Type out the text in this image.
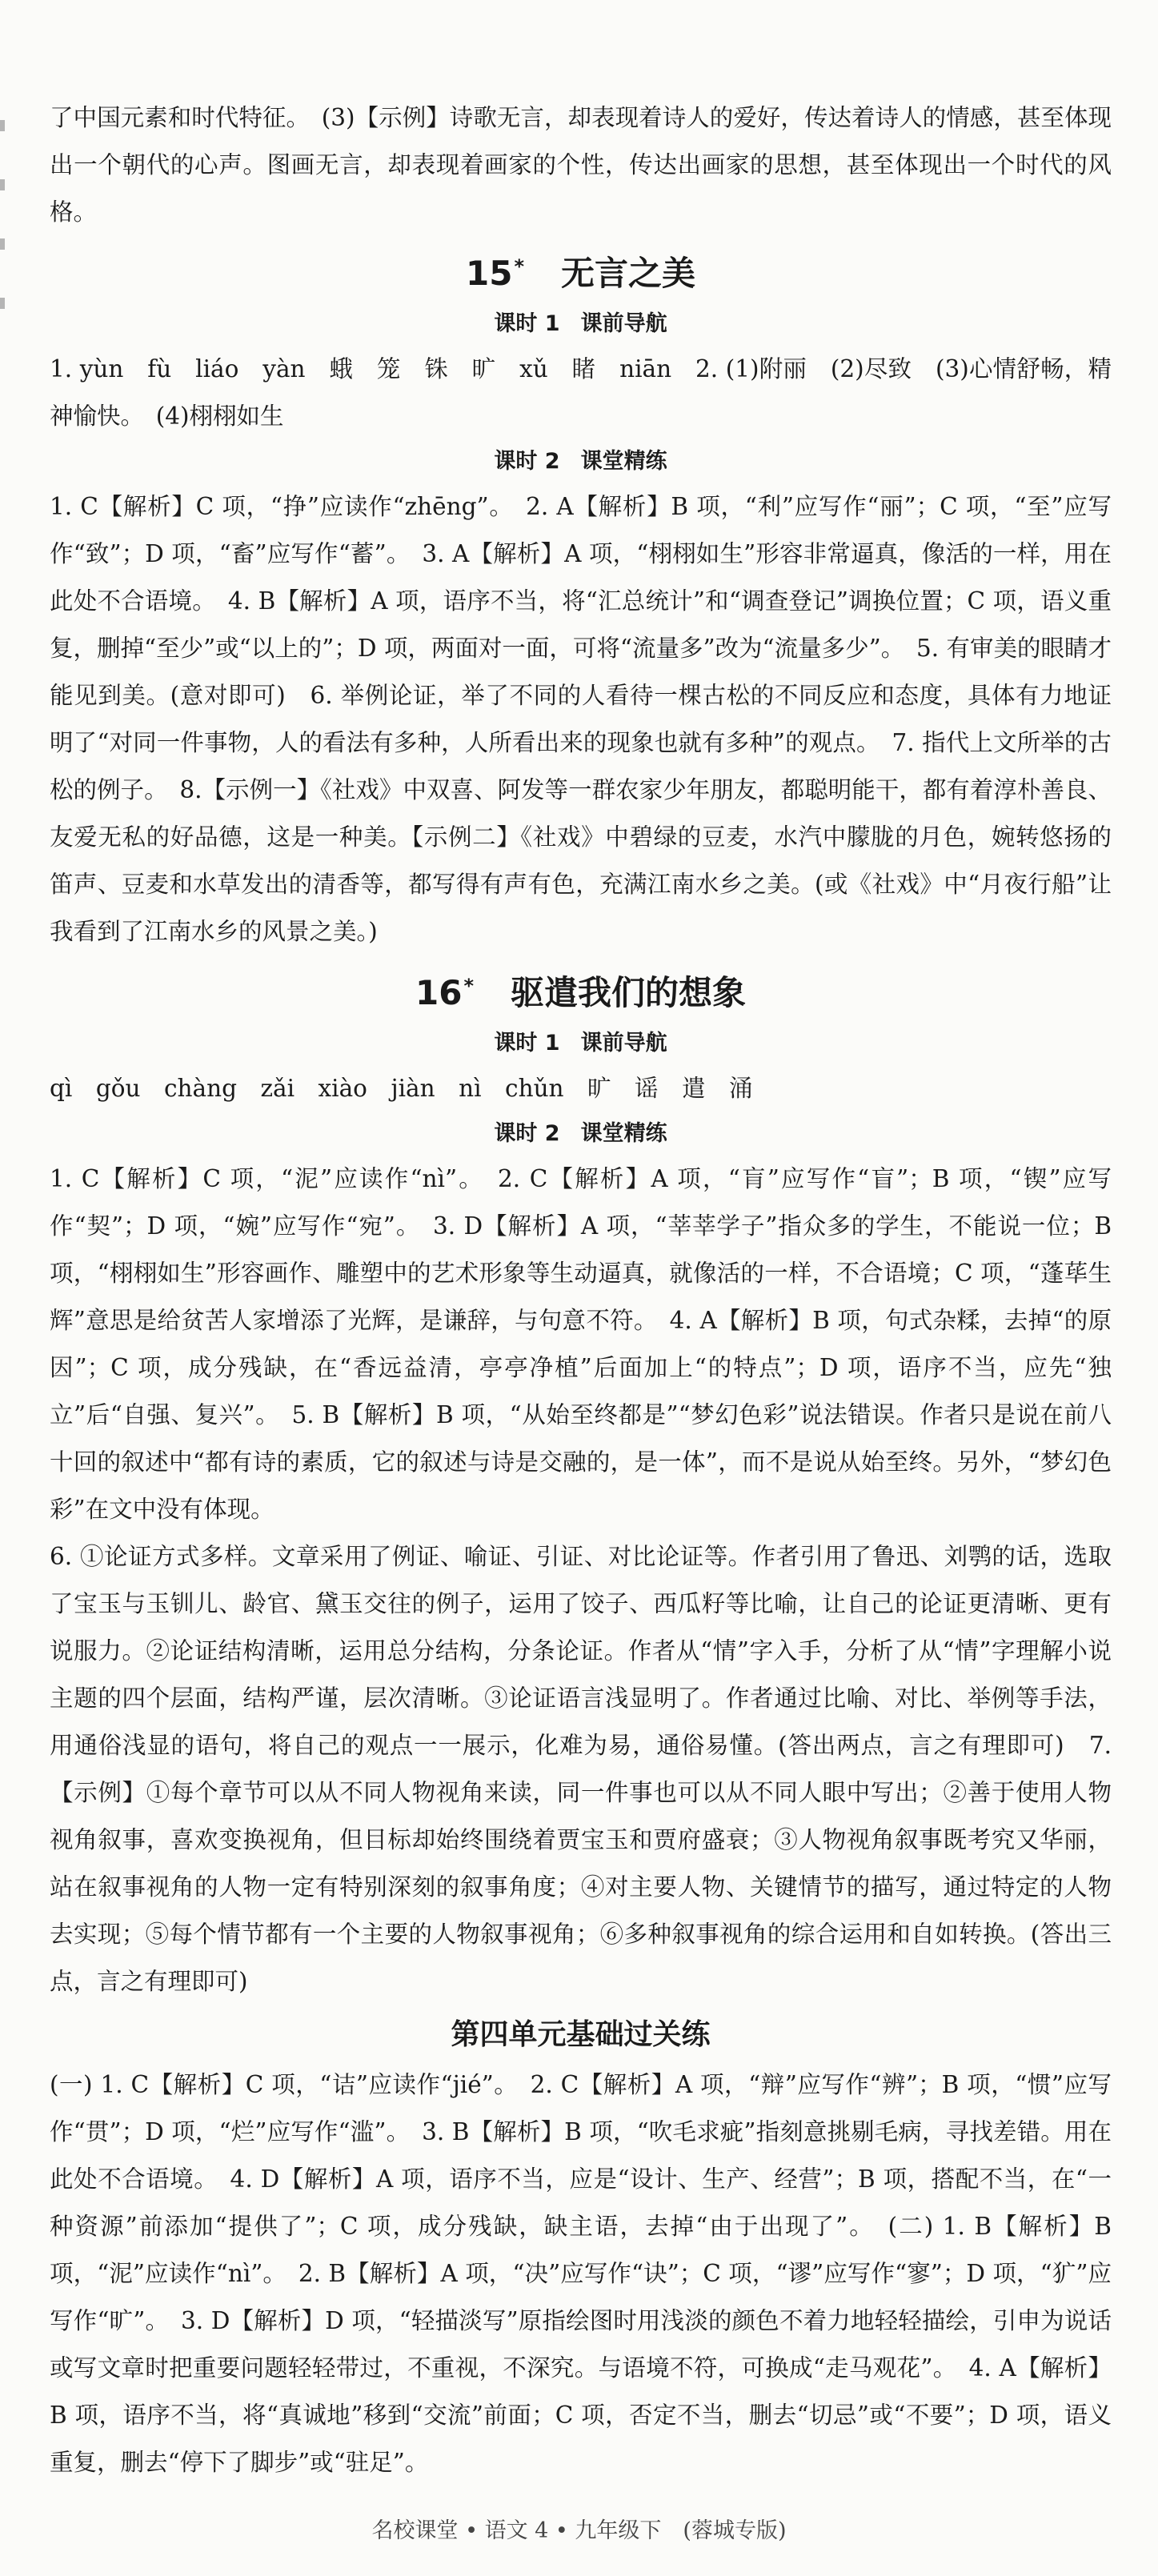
了中国元素和时代特征。　(3)【示例】诗歌无言，却表现着诗人的爱好，传达着诗人的情感，甚至体现出一个朝代的心声。图画无言，却表现着画家的个性，传达出画家的思想，甚至体现出一个时代的风格。

15* 无言之美
课时 1 课前导航

1. yùn　fù　liáo　yàn　蛾　笼　铢　旷　xǔ　睹　niān　2. (1)附丽　(2)尽致　(3)心情舒畅，精神愉快。　(4)栩栩如生

课时 2 课堂精练

1. C【解析】C 项，“挣”应读作“zhēng”。　2. A【解析】B 项，“利”应写作“丽”；C 项，“至”应写作“致”；D 项，“畜”应写作“蓄”。　3. A【解析】A 项，“栩栩如生”形容非常逼真，像活的一样，用在此处不合语境。　4. B【解析】A 项，语序不当，将“汇总统计”和“调查登记”调换位置；C 项，语义重复，删掉“至少”或“以上的”；D 项，两面对一面，可将“流量多”改为“流量多少”。　5. 有审美的眼睛才能见到美。(意对即可)　6. 举例论证，举了不同的人看待一棵古松的不同反应和态度，具体有力地证明了“对同一件事物，人的看法有多种，人所看出来的现象也就有多种”的观点。　7. 指代上文所举的古松的例子。　8.【示例一】《社戏》中双喜、阿发等一群农家少年朋友，都聪明能干，都有着淳朴善良、友爱无私的好品德，这是一种美。【示例二】《社戏》中碧绿的豆麦，水汽中朦胧的月色，婉转悠扬的笛声、豆麦和水草发出的清香等，都写得有声有色，充满江南水乡之美。(或《社戏》中“月夜行船”让我看到了江南水乡的风景之美。)

16* 驱遣我们的想象
课时 1 课前导航

qì　gǒu　chàng　zǎi　xiào　jiàn　nì　chǔn　旷　谣　遣　涌

课时 2 课堂精练

1. C【解析】C 项，“泥”应读作“nì”。　2. C【解析】A 项，“肓”应写作“盲”；B 项，“锲”应写作“契”；D 项，“婉”应写作“宛”。　3. D【解析】A 项，“莘莘学子”指众多的学生，不能说一位；B 项，“栩栩如生”形容画作、雕塑中的艺术形象等生动逼真，就像活的一样，不合语境；C 项，“蓬荜生辉”意思是给贫苦人家增添了光辉，是谦辞，与句意不符。　4. A【解析】B 项，句式杂糅，去掉“的原因”；C 项，成分残缺，在“香远益清，亭亭净植”后面加上“的特点”；D 项，语序不当，应先“独立”后“自强、复兴”。　5. B【解析】B 项，“从始至终都是”“梦幻色彩”说法错误。作者只是说在前八十回的叙述中“都有诗的素质，它的叙述与诗是交融的，是一体”，而不是说从始至终。另外，“梦幻色彩”在文中没有体现。

6. ①论证方式多样。文章采用了例证、喻证、引证、对比论证等。作者引用了鲁迅、刘鹗的话，选取了宝玉与玉钏儿、龄官、黛玉交往的例子，运用了饺子、西瓜籽等比喻，让自己的论证更清晰、更有说服力。②论证结构清晰，运用总分结构，分条论证。作者从“情”字入手，分析了从“情”字理解小说主题的四个层面，结构严谨，层次清晰。③论证语言浅显明了。作者通过比喻、对比、举例等手法，用通俗浅显的语句，将自己的观点一一展示，化难为易，通俗易懂。(答出两点，言之有理即可)　7.【示例】①每个章节可以从不同人物视角来读，同一件事也可以从不同人眼中写出；②善于使用人物视角叙事，喜欢变换视角，但目标却始终围绕着贾宝玉和贾府盛衰；③人物视角叙事既考究又华丽，站在叙事视角的人物一定有特别深刻的叙事角度；④对主要人物、关键情节的描写，通过特定的人物去实现；⑤每个情节都有一个主要的人物叙事视角；⑥多种叙事视角的综合运用和自如转换。(答出三点，言之有理即可)

第四单元基础过关练

(一) 1. C【解析】C 项，“诘”应读作“jié”。　2. C【解析】A 项，“辩”应写作“辨”；B 项，“惯”应写作“贯”；D 项，“烂”应写作“滥”。　3. B【解析】B 项，“吹毛求疵”指刻意挑剔毛病，寻找差错。用在此处不合语境。　4. D【解析】A 项，语序不当，应是“设计、生产、经营”；B 项，搭配不当，在“一种资源”前添加“提供了”；C 项，成分残缺，缺主语，去掉“由于出现了”。　(二) 1. B【解析】B 项，“泥”应读作“nì”。　2. B【解析】A 项，“决”应写作“诀”；C 项，“谬”应写作“寥”；D 项，“犷”应写作“旷”。　3. D【解析】D 项，“轻描淡写”原指绘图时用浅淡的颜色不着力地轻轻描绘，引申为说话或写文章时把重要问题轻轻带过，不重视，不深究。与语境不符，可换成“走马观花”。　4. A【解析】B 项，语序不当，将“真诚地”移到“交流”前面；C 项，否定不当，删去“切忌”或“不要”；D 项，语义重复，删去“停下了脚步”或“驻足”。

名校课堂 • 语文 4 • 九年级下　(蓉城专版)
